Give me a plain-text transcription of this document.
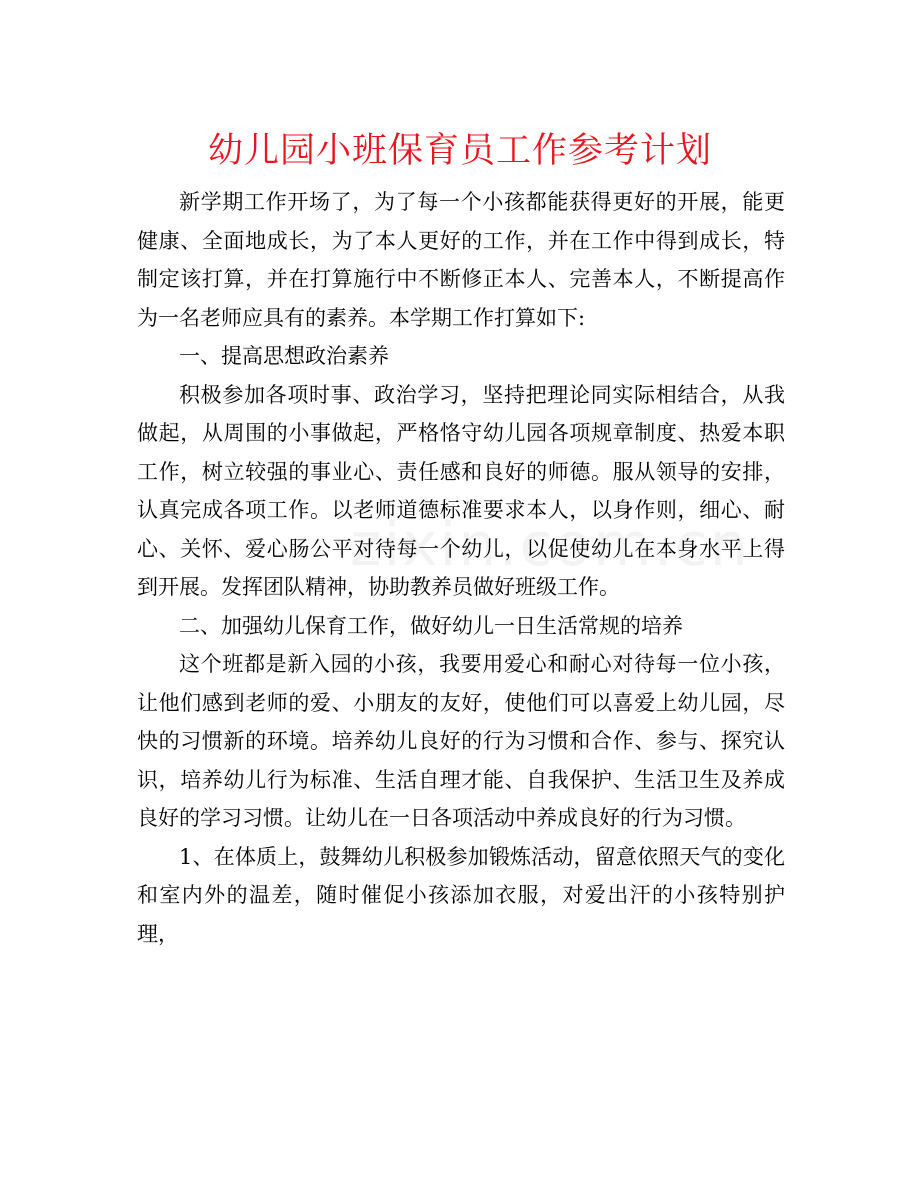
幼儿园小班保育员工作参考计划

新学期工作开场了，为了每一个小孩都能获得更好的开展，能更健康、全面地成长，为了本人更好的工作，并在工作中得到成长，特制定该打算，并在打算施行中不断修正本人、完善本人，不断提高作为一名老师应具有的素养。本学期工作打算如下:

一、提高思想政治素养

积极参加各项时事、政治学习，坚持把理论同实际相结合，从我做起，从周围的小事做起，严格恪守幼儿园各项规章制度、热爱本职工作，树立较强的事业心、责任感和良好的师德。服从领导的安排，认真完成各项工作。以老师道德标准要求本人，以身作则，细心、耐心、关怀、爱心肠公平对待每一个幼儿，以促使幼儿在本身水平上得到开展。发挥团队精神，协助教养员做好班级工作。

二、加强幼儿保育工作，做好幼儿一日生活常规的培养

这个班都是新入园的小孩，我要用爱心和耐心对待每一位小孩，让他们感到老师的爱、小朋友的友好，使他们可以喜爱上幼儿园，尽快的习惯新的环境。培养幼儿良好的行为习惯和合作、参与、探究认识，培养幼儿行为标准、生活自理才能、自我保护、生活卫生及养成良好的学习习惯。让幼儿在一日各项活动中养成良好的行为习惯。

1、在体质上，鼓舞幼儿积极参加锻炼活动，留意依照天气的变化和室内外的温差，随时催促小孩添加衣服，对爱出汗的小孩特别护理，
